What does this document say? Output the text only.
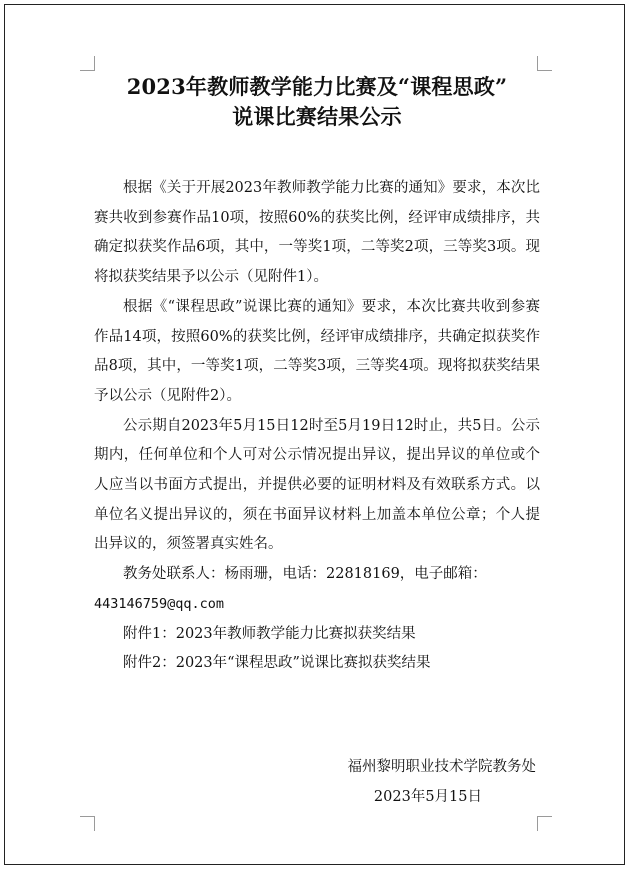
2023年教师教学能力比赛及“课程思政”
说课比赛结果公示

根据《关于开展2023年教师教学能力比赛的通知》要求，本次比赛共收到参赛作品10项，按照60%的获奖比例，经评审成绩排序，共确定拟获奖作品6项，其中，一等奖1项，二等奖2项，三等奖3项。现将拟获奖结果予以公示（见附件1）。

根据《“课程思政”说课比赛的通知》要求，本次比赛共收到参赛作品14项，按照60%的获奖比例，经评审成绩排序，共确定拟获奖作品8项，其中，一等奖1项，二等奖3项，三等奖4项。现将拟获奖结果予以公示（见附件2）。

公示期自2023年5月15日12时至5月19日12时止，共5日。公示期内，任何单位和个人可对公示情况提出异议，提出异议的单位或个人应当以书面方式提出，并提供必要的证明材料及有效联系方式。以单位名义提出异议的，须在书面异议材料上加盖本单位公章；个人提出异议的，须签署真实姓名。

教务处联系人：杨雨珊，电话：22818169，电子邮箱：

443146759@qq.com

附件1：2023年教师教学能力比赛拟获奖结果

附件2：2023年“课程思政”说课比赛拟获奖结果

福州黎明职业技术学院教务处

2023年5月15日
